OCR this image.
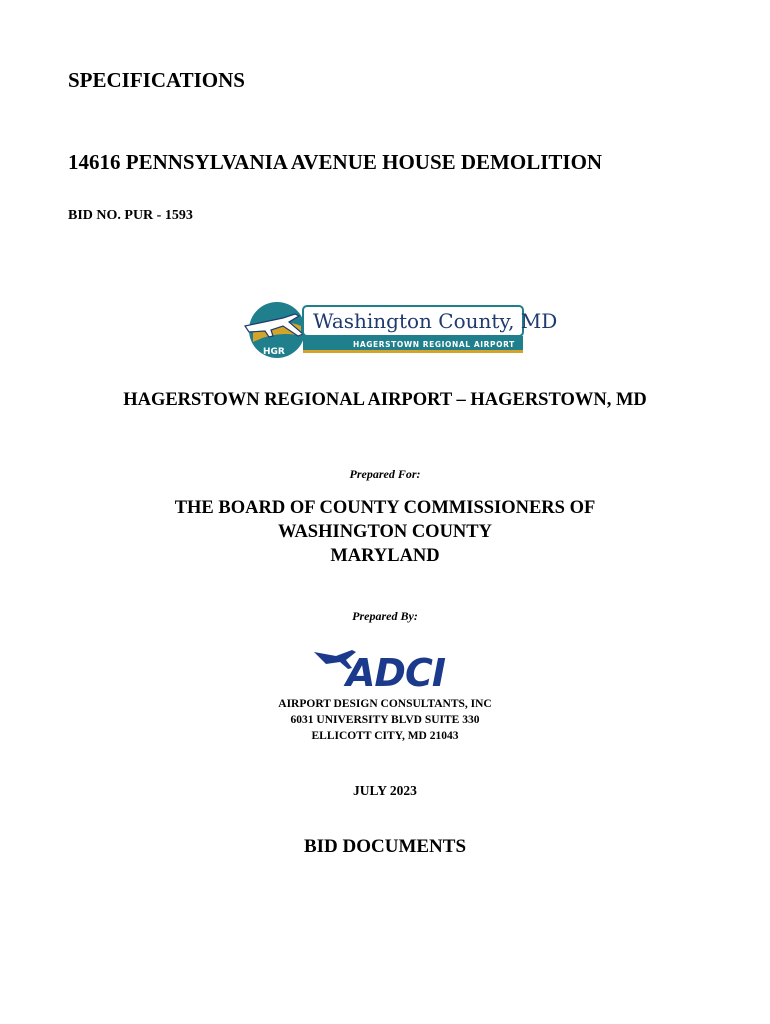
SPECIFICATIONS
14616 PENNSYLVANIA AVENUE HOUSE DEMOLITION
BID NO. PUR - 1593
HGR
Washington County, MD
HAGERSTOWN REGIONAL AIRPORT
HAGERSTOWN REGIONAL AIRPORT – HAGERSTOWN, MD
Prepared For:
THE BOARD OF COUNTY COMMISSIONERS OF
WASHINGTON COUNTY
MARYLAND
Prepared By:
ADCI
AIRPORT DESIGN CONSULTANTS, INC
6031 UNIVERSITY BLVD SUITE 330
ELLICOTT CITY, MD 21043
JULY 2023
BID DOCUMENTS
